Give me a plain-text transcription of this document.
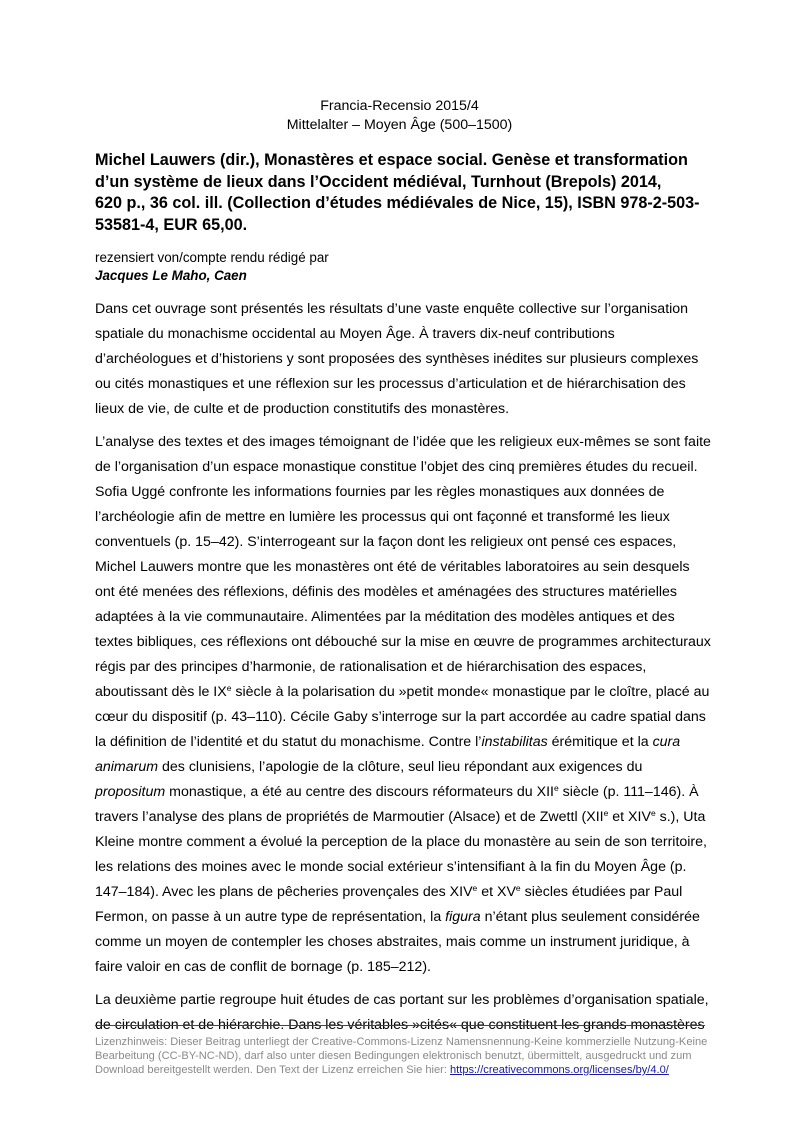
Francia-Recensio 2015/4
Mittelalter – Moyen Âge (500–1500)
Michel Lauwers (dir.), Monastères et espace social. Genèse et transformation
d’un système de lieux dans l’Occident médiéval, Turnhout (Brepols) 2014,
620 p., 36 col. ill. (Collection d’études médiévales de Nice, 15), ISBN 978-2-503-
53581-4, EUR 65,00.
rezensiert von/compte rendu rédigé par
Jacques Le Maho, Caen

Dans cet ouvrage sont présentés les résultats d’une vaste enquête collective sur l’organisation spatiale du monachisme occidental au Moyen Âge. À travers dix-neuf contributions d’archéologues et d’historiens y sont proposées des synthèses inédites sur plusieurs complexes ou cités monastiques et une réflexion sur les processus d’articulation et de hiérarchisation des lieux de vie, de culte et de production constitutifs des monastères.

L’analyse des textes et des images témoignant de l’idée que les religieux eux-mêmes se sont faite de l’organisation d’un espace monastique constitue l’objet des cinq premières études du recueil. Sofia Uggé confronte les informations fournies par les règles monastiques aux données de l’archéologie afin de mettre en lumière les processus qui ont façonné et transformé les lieux conventuels (p. 15–42). S’interrogeant sur la façon dont les religieux ont pensé ces espaces, Michel Lauwers montre que les monastères ont été de véritables laboratoires au sein desquels ont été menées des réflexions, définis des modèles et aménagées des structures matérielles adaptées à la vie communautaire. Alimentées par la méditation des modèles antiques et des textes bibliques, ces réflexions ont débouché sur la mise en œuvre de programmes architecturaux régis par des principes d’harmonie, de rationalisation et de hiérarchisation des espaces, aboutissant dès le IXe siècle à la polarisation du »petit monde« monastique par le cloître, placé au cœur du dispositif (p. 43–110). Cécile Gaby s’interroge sur la part accordée au cadre spatial dans la définition de l’identité et du statut du monachisme. Contre l’instabilitas érémitique et la cura animarum des clunisiens, l’apologie de la clôture, seul lieu répondant aux exigences du propositum monastique, a été au centre des discours réformateurs du XIIe siècle (p. 111–146). À travers l’analyse des plans de propriétés de Marmoutier (Alsace) et de Zwettl (XIIe et XIVe s.), Uta Kleine montre comment a évolué la perception de la place du monastère au sein de son territoire, les relations des moines avec le monde social extérieur s’intensifiant à la fin du Moyen Âge (p. 147–184). Avec les plans de pêcheries provençales des XIVe et XVe siècles étudiées par Paul Fermon, on passe à un autre type de représentation, la figura n’étant plus seulement considérée comme un moyen de contempler les choses abstraites, mais comme un instrument juridique, à faire valoir en cas de conflit de bornage (p. 185–212).

La deuxième partie regroupe huit études de cas portant sur les problèmes d’organisation spatiale, de circulation et de hiérarchie. Dans les véritables »cités« que constituent les grands monastères

Lizenzhinweis: Dieser Beitrag unterliegt der Creative-Commons-Lizenz Namensnennung-Keine kommerzielle Nutzung-Keine Bearbeitung (CC-BY-NC-ND), darf also unter diesen Bedingungen elektronisch benutzt, übermittelt, ausgedruckt und zum Download bereitgestellt werden. Den Text der Lizenz erreichen Sie hier: https://creativecommons.org/licenses/by/4.0/
